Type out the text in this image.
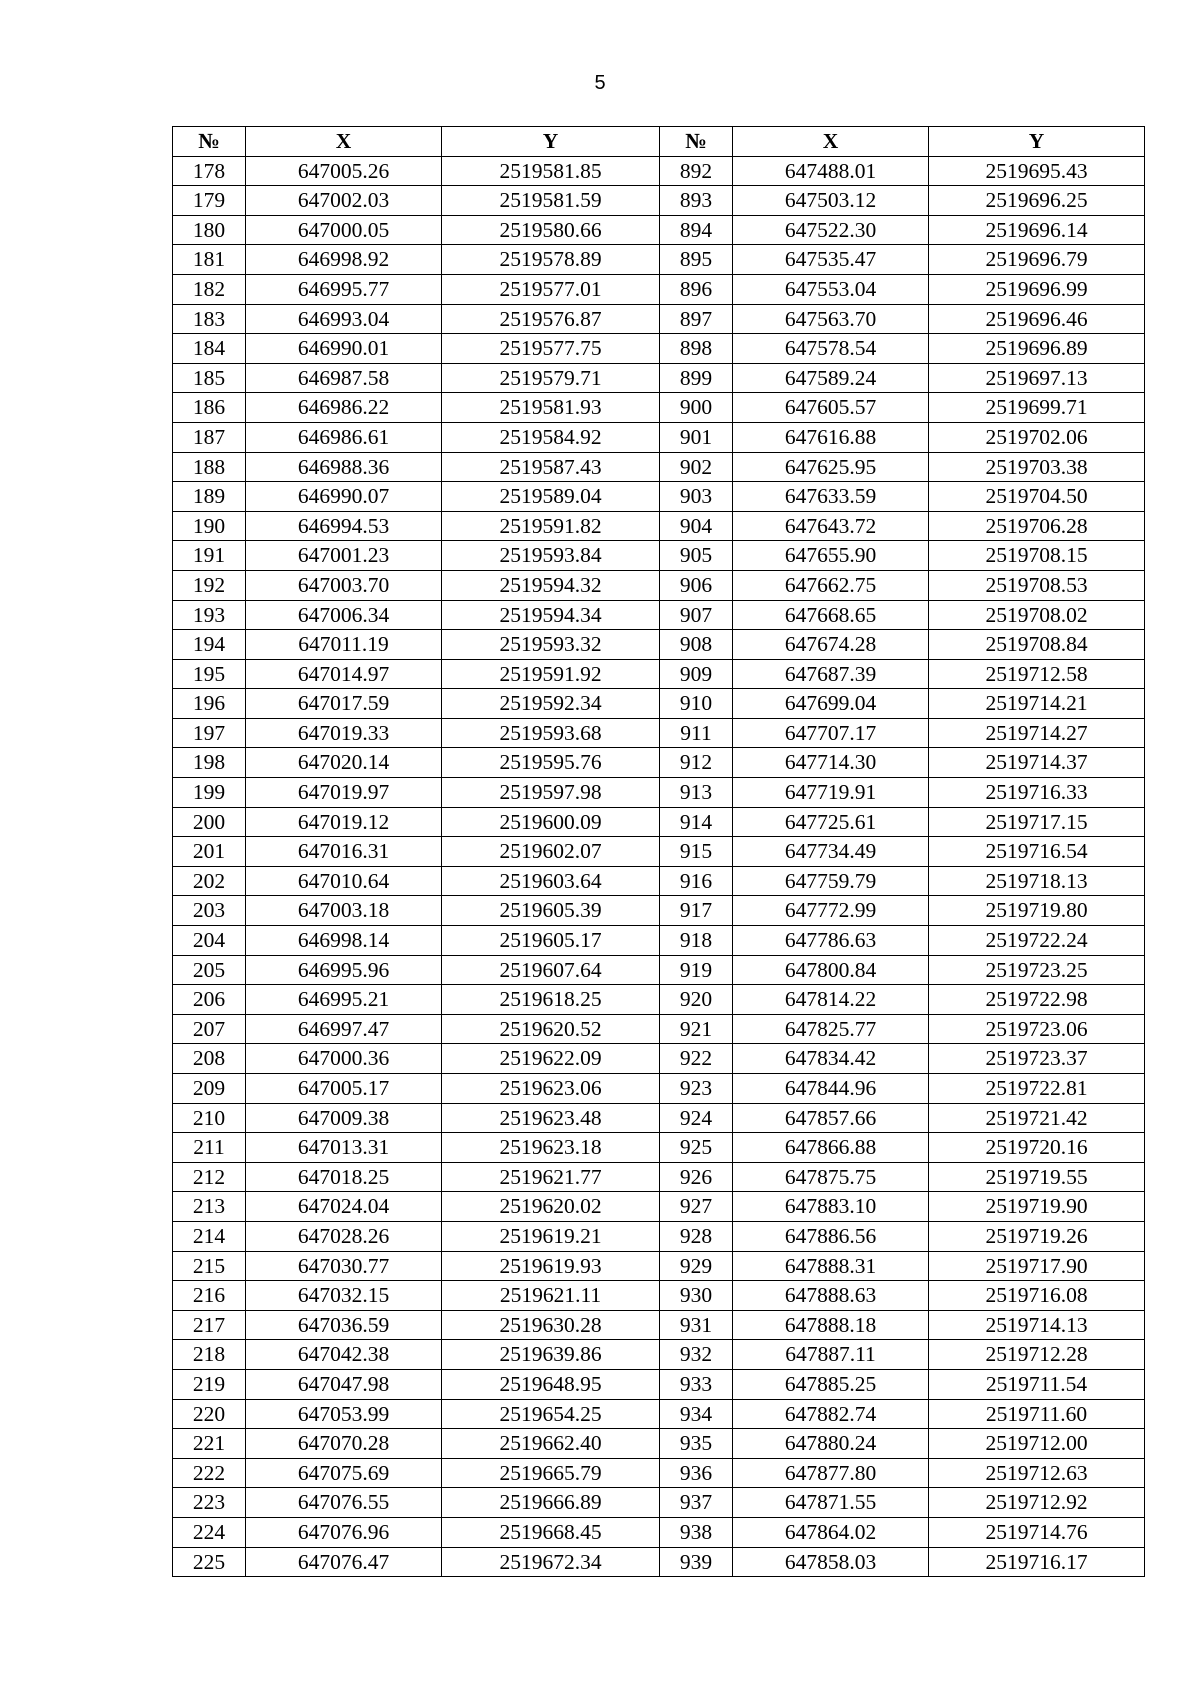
5
№	X	Y	№	X	Y
178	647005.26	2519581.85	892	647488.01	2519695.43
179	647002.03	2519581.59	893	647503.12	2519696.25
180	647000.05	2519580.66	894	647522.30	2519696.14
181	646998.92	2519578.89	895	647535.47	2519696.79
182	646995.77	2519577.01	896	647553.04	2519696.99
183	646993.04	2519576.87	897	647563.70	2519696.46
184	646990.01	2519577.75	898	647578.54	2519696.89
185	646987.58	2519579.71	899	647589.24	2519697.13
186	646986.22	2519581.93	900	647605.57	2519699.71
187	646986.61	2519584.92	901	647616.88	2519702.06
188	646988.36	2519587.43	902	647625.95	2519703.38
189	646990.07	2519589.04	903	647633.59	2519704.50
190	646994.53	2519591.82	904	647643.72	2519706.28
191	647001.23	2519593.84	905	647655.90	2519708.15
192	647003.70	2519594.32	906	647662.75	2519708.53
193	647006.34	2519594.34	907	647668.65	2519708.02
194	647011.19	2519593.32	908	647674.28	2519708.84
195	647014.97	2519591.92	909	647687.39	2519712.58
196	647017.59	2519592.34	910	647699.04	2519714.21
197	647019.33	2519593.68	911	647707.17	2519714.27
198	647020.14	2519595.76	912	647714.30	2519714.37
199	647019.97	2519597.98	913	647719.91	2519716.33
200	647019.12	2519600.09	914	647725.61	2519717.15
201	647016.31	2519602.07	915	647734.49	2519716.54
202	647010.64	2519603.64	916	647759.79	2519718.13
203	647003.18	2519605.39	917	647772.99	2519719.80
204	646998.14	2519605.17	918	647786.63	2519722.24
205	646995.96	2519607.64	919	647800.84	2519723.25
206	646995.21	2519618.25	920	647814.22	2519722.98
207	646997.47	2519620.52	921	647825.77	2519723.06
208	647000.36	2519622.09	922	647834.42	2519723.37
209	647005.17	2519623.06	923	647844.96	2519722.81
210	647009.38	2519623.48	924	647857.66	2519721.42
211	647013.31	2519623.18	925	647866.88	2519720.16
212	647018.25	2519621.77	926	647875.75	2519719.55
213	647024.04	2519620.02	927	647883.10	2519719.90
214	647028.26	2519619.21	928	647886.56	2519719.26
215	647030.77	2519619.93	929	647888.31	2519717.90
216	647032.15	2519621.11	930	647888.63	2519716.08
217	647036.59	2519630.28	931	647888.18	2519714.13
218	647042.38	2519639.86	932	647887.11	2519712.28
219	647047.98	2519648.95	933	647885.25	2519711.54
220	647053.99	2519654.25	934	647882.74	2519711.60
221	647070.28	2519662.40	935	647880.24	2519712.00
222	647075.69	2519665.79	936	647877.80	2519712.63
223	647076.55	2519666.89	937	647871.55	2519712.92
224	647076.96	2519668.45	938	647864.02	2519714.76
225	647076.47	2519672.34	939	647858.03	2519716.17
